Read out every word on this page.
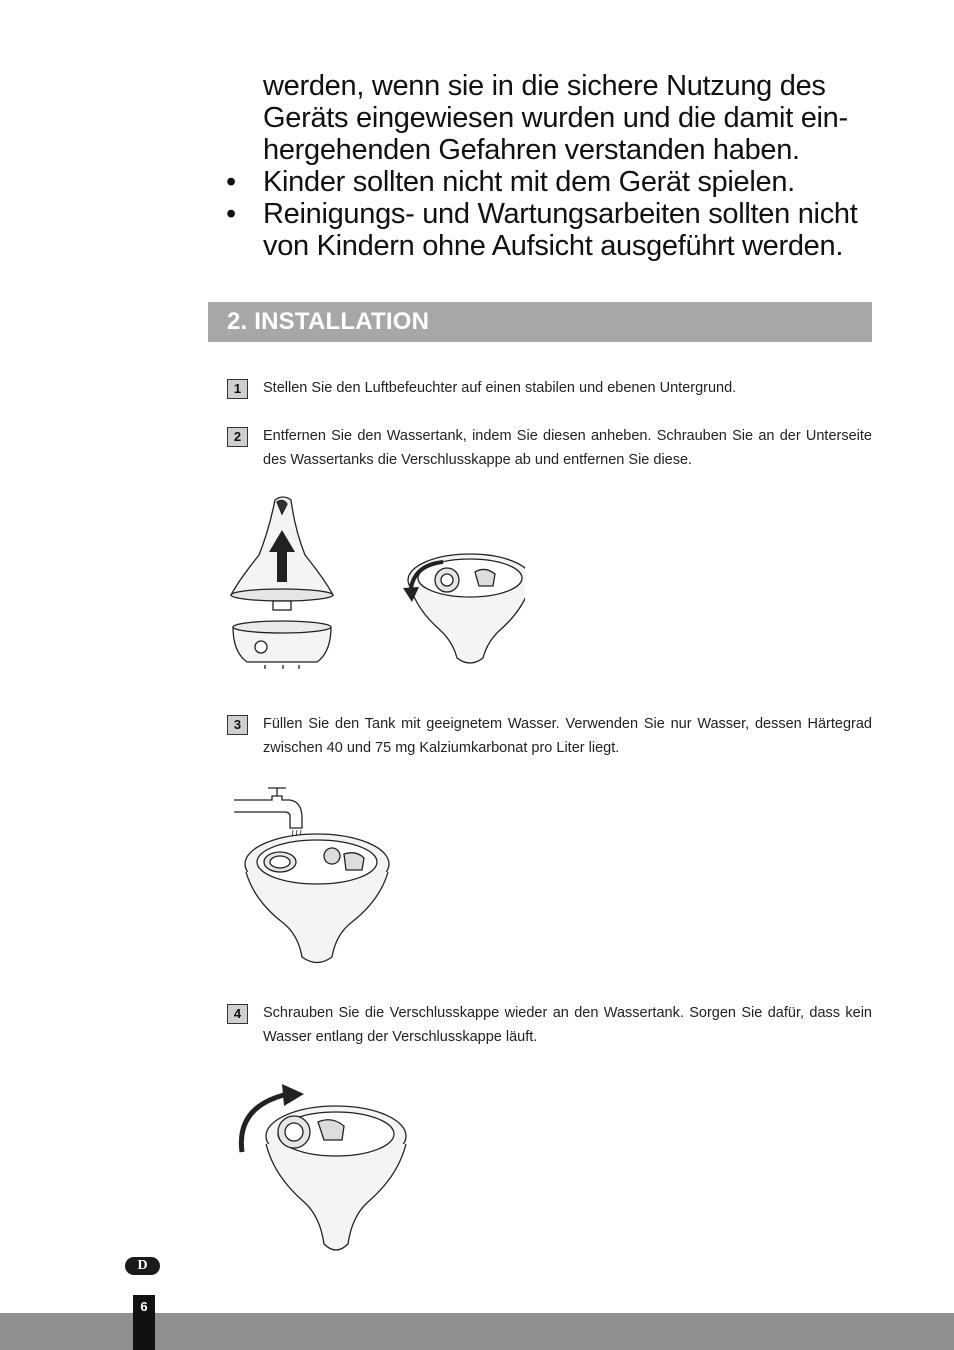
werden, wenn sie in die sichere Nutzung des Geräts eingewiesen wurden und die damit ein-hergehenden Gefahren verstanden haben.
• Kinder sollten nicht mit dem Gerät spielen.
• Reinigungs- und Wartungsarbeiten sollten nicht von Kindern ohne Aufsicht ausgeführt werden.
2. INSTALLATION
1	Stellen Sie den Luftbefeuchter auf einen stabilen und ebenen Untergrund.
2	Entfernen Sie den Wassertank, indem Sie diesen anheben. Schrauben Sie an der Unterseite des Wassertanks die Verschlusskappe ab und entfernen Sie diese.
3	Füllen Sie den Tank mit geeignetem Wasser. Verwenden Sie nur Wasser, dessen Härtegrad zwischen 40 und 75 mg Kalziumkarbonat pro Liter liegt.
4	Schrauben Sie die Verschlusskappe wieder an den Wassertank. Sorgen Sie dafür, dass kein Wasser entlang der Verschlusskappe läuft.
D
6
